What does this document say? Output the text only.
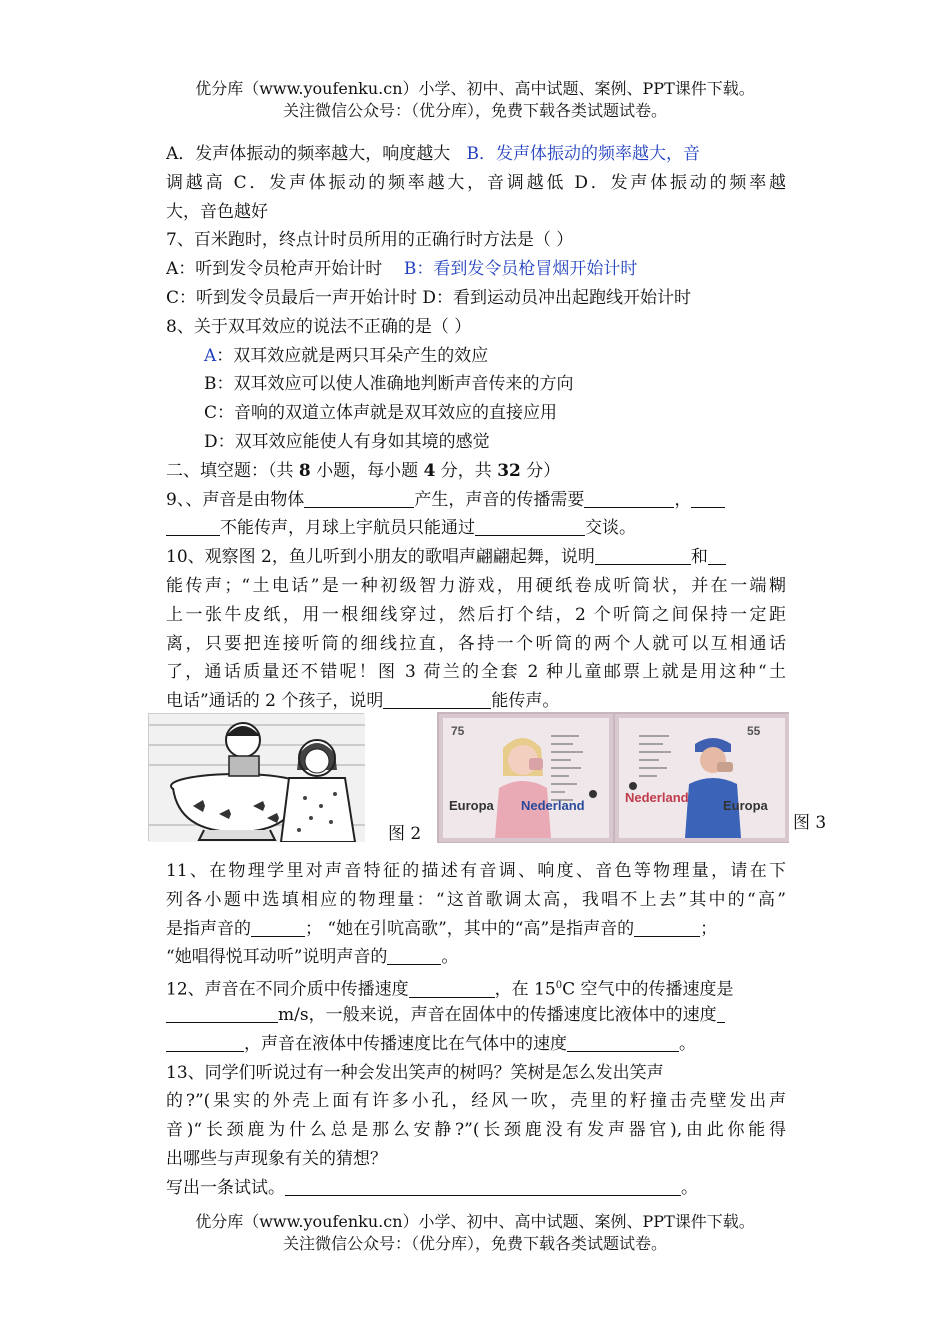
优分库（www.youfenku.cn）小学、初中、高中试题、案例、PPT课件下载。
关注微信公众号：（优分库），免费下载各类试题试卷。
A．发声体振动的频率越大，响度越大 B．发声体振动的频率越大，音
调越高 C．发声体振动的频率越大，音调越低 D．发声体振动的频率越
大，音色越好
7、百米跑时，终点计时员所用的正确行时方法是（ ）
A：听到发令员枪声开始计时 B：看到发令员枪冒烟开始计时
C：听到发令员最后一声开始计时 D：看到运动员冲出起跑线开始计时
8、关于双耳效应的说法不正确的是（ ）
A：双耳效应就是两只耳朵产生的效应
B：双耳效应可以使人准确地判断声音传来的方向
C：音响的双道立体声就是双耳效应的直接应用
D：双耳效应能使人有身如其境的感觉
二、填空题：（共 8 小题，每小题 4 分，共 32 分）
9、、声音是由物体	产生，声音的传播需要	，
不能传声，月球上宇航员只能通过	交谈。
10、观察图 2，鱼儿听到小朋友的歌唱声翩翩起舞，说明	和
能传声；“土电话”是一种初级智力游戏，用硬纸卷成听筒状，并在一端糊
上一张牛皮纸，用一根细线穿过，然后打个结，2 个听筒之间保持一定距
离，只要把连接听筒的细线拉直，各持一个听筒的两个人就可以互相通话
了，通话质量还不错呢！图 3 荷兰的全套 2 种儿童邮票上就是用这种“土
电话”通话的 2 个孩子，说明	能传声。
图 2
75
Europa Nederland
55
Nederland
Europa
图 3
11、在物理学里对声音特征的描述有音调、响度、音色等物理量，请在下
列各小题中选填相应的物理量：“这首歌调太高，我唱不上去”其中的“高”
是指声音的	； “她在引吭高歌”，其中的“高”是指声音的	；
“她唱得悦耳动听”说明声音的	。
12、声音在不同介质中传播速度	，在 $15^0C$ 空气中的传播速度是
m/s，一般来说，声音在固体中的传播速度比液体中的速度
，声音在液体中传播速度比在气体中的速度	。
13、同学们听说过有一种会发出笑声的树吗？笑树是怎么发出笑声
的?”(果实的外壳上面有许多小孔，经风一吹，壳里的籽撞击壳壁发出声
音)“长颈鹿为什么总是那么安静?”(长颈鹿没有发声器官),由此你能得
出哪些与声现象有关的猜想？
写出一条试试。	。
优分库（www.youfenku.cn）小学、初中、高中试题、案例、PPT课件下载。
关注微信公众号：（优分库），免费下载各类试题试卷。
